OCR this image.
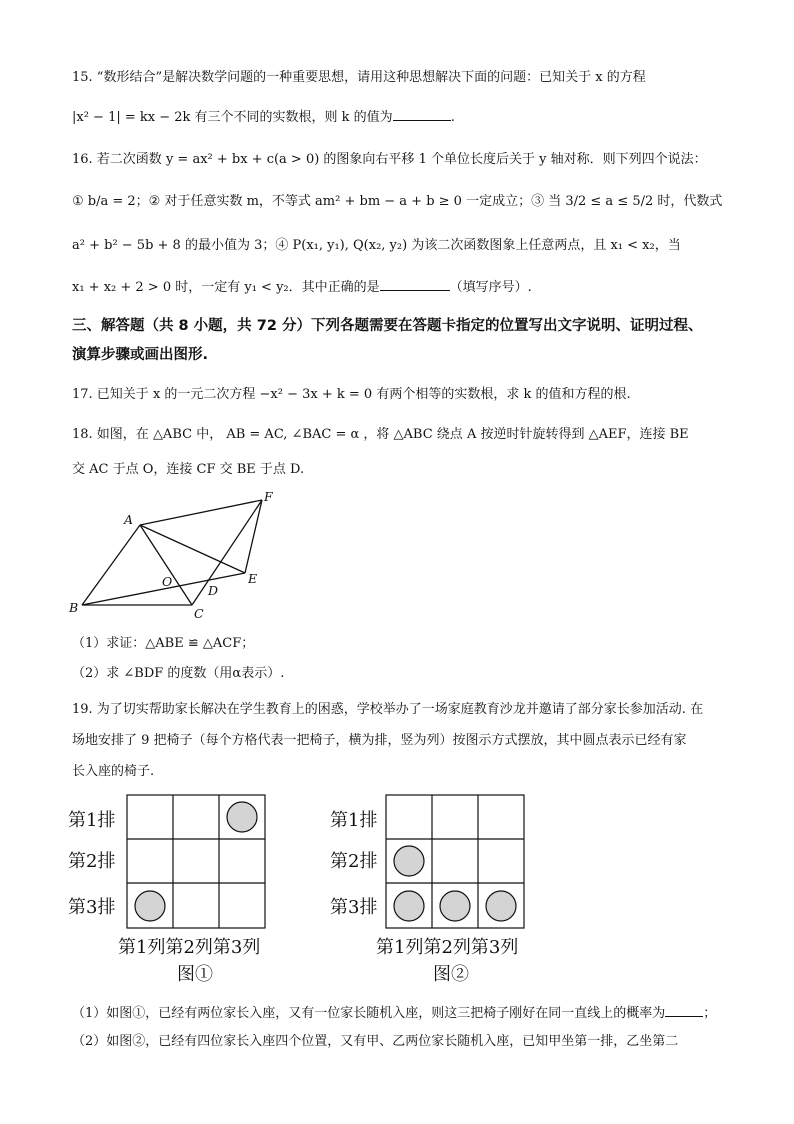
15. “数形结合”是解决数学问题的一种重要思想，请用这种思想解决下面的问题：已知关于 x 的方程
|x² − 1| = kx − 2k 有三个不同的实数根，则 k 的值为	.
16. 若二次函数 y = ax² + bx + c(a > 0) 的图象向右平移 1 个单位长度后关于 y 轴对称．则下列四个说法：
① b/a = 2；② 对于任意实数 m，不等式 am² + bm − a + b ≥ 0 一定成立；③ 当 3/2 ≤ a ≤ 5/2 时，代数式
a² + b² − 5b + 8 的最小值为 3；④ P(x₁, y₁), Q(x₂, y₂) 为该二次函数图象上任意两点，且 x₁ < x₂，当
x₁ + x₂ + 2 > 0 时，一定有 y₁ < y₂．其中正确的是	（填写序号）.
三、解答题（共 8 小题，共 72 分）下列各题需要在答题卡指定的位置写出文字说明、证明过程、
演算步骤或画出图形.
17. 已知关于 x 的一元二次方程 −x² − 3x + k = 0 有两个相等的实数根，求 k 的值和方程的根.
18. 如图，在 △ABC 中， AB = AC, ∠BAC = α ，将 △ABC 绕点 A 按逆时针旋转得到 △AEF，连接 BE
交 AC 于点 O，连接 CF 交 BE 于点 D.
A
B	C
D
E
F
O
（1）求证：△ABE ≌ △ACF；
（2）求 ∠BDF 的度数（用α表示）.
19. 为了切实帮助家长解决在学生教育上的困惑，学校举办了一场家庭教育沙龙并邀请了部分家长参加活动. 在
场地安排了 9 把椅子（每个方格代表一把椅子，横为排，竖为列）按图示方式摆放，其中圆点表示已经有家
长入座的椅子.
第1排
第2排
第3排
第1列第2列第3列
图①
第1排
第2排
第3排
第1列第2列第3列
图②
（1）如图①，已经有两位家长入座，又有一位家长随机入座，则这三把椅子刚好在同一直线上的概率为	；
（2）如图②，已经有四位家长入座四个位置，又有甲、乙两位家长随机入座，已知甲坐第一排，乙坐第二
